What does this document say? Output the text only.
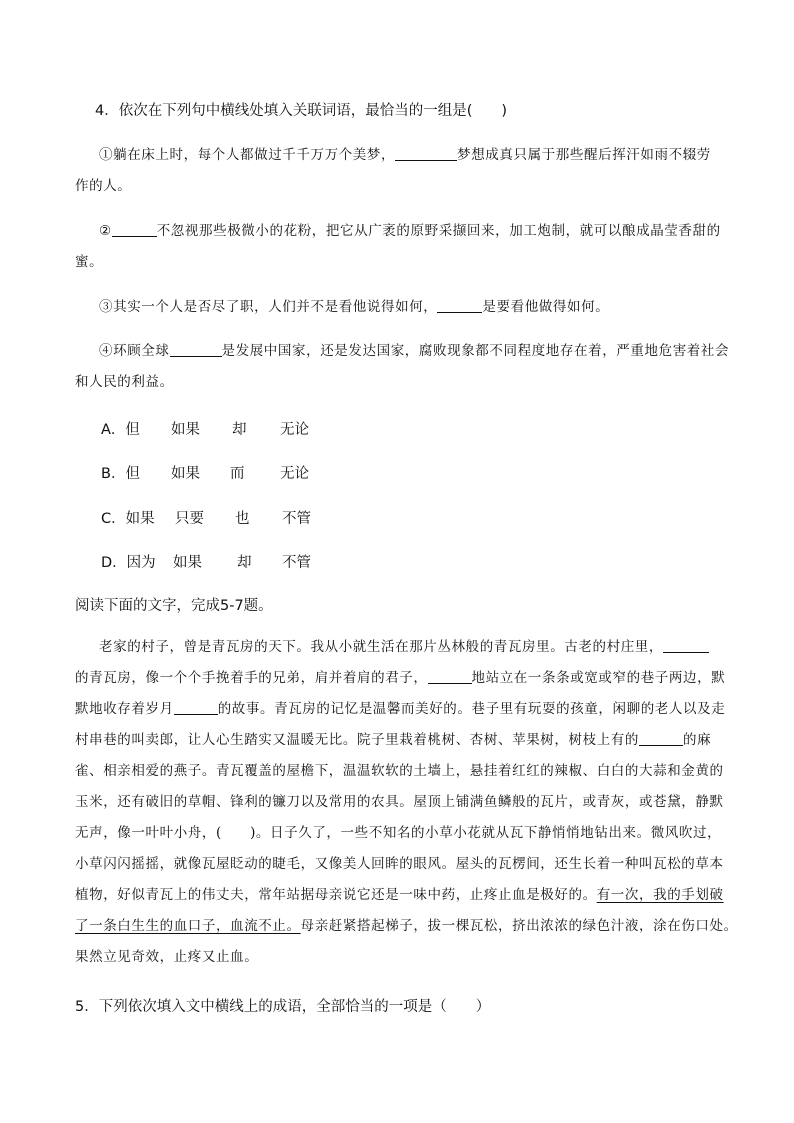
4．依次在下列句中横线处填入关联词语，最恰当的一组是(　　)
①躺在床上时，每个人都做过千千万万个美梦，	梦想成真只属于那些醒后挥汗如雨不辍劳
作的人。
②	不忽视那些极微小的花粉，把它从广袤的原野采撷回来，加工炮制，就可以酿成晶莹香甜的
蜜。
③其实一个人是否尽了职，人们并不是看他说得如何，	是要看他做得如何。
④环顾全球	是发展中国家，还是发达国家，腐败现象都不同程度地存在着，严重地危害着社会
和人民的利益。
A．但 如果 却 无论
B．但 如果 而 无论
C．如果 只要 也 不管
D．因为 如果 却 不管
阅读下面的文字，完成5-7题。
老家的村子，曾是青瓦房的天下。我从小就生活在那片丛林般的青瓦房里。古老的村庄里，
的青瓦房，像一个个手挽着手的兄弟，肩并着肩的君子，	地站立在一条条或宽或窄的巷子两边，默
默地收存着岁月	的故事。青瓦房的记忆是温馨而美好的。巷子里有玩耍的孩童，闲聊的老人以及走
村串巷的叫卖郎，让人心生踏实又温暖无比。院子里栽着桃树、杏树、苹果树，树枝上有的	的麻
雀、相亲相爱的燕子。青瓦覆盖的屋檐下，温温软软的土墙上，悬挂着红红的辣椒、白白的大蒜和金黄的
玉米，还有破旧的草帽、锋利的镰刀以及常用的农具。屋顶上铺满鱼鳞般的瓦片，或青灰，或苍黛，静默
无声，像一叶叶小舟，(　　)。日子久了，一些不知名的小草小花就从瓦下静悄悄地钻出来。微风吹过，
小草闪闪摇摇，就像瓦屋眨动的睫毛，又像美人回眸的眼风。屋头的瓦楞间，还生长着一种叫瓦松的草本
植物，好似青瓦上的伟丈夫，常年站据母亲说它还是一味中药，止疼止血是极好的。有一次，我的手划破
了一条白生生的血口子，血流不止。母亲赶紧搭起梯子，拔一棵瓦松，挤出浓浓的绿色汁液，涂在伤口处。
果然立见奇效，止疼又止血。
5．下列依次填入文中横线上的成语，全部恰当的一项是（　　）
